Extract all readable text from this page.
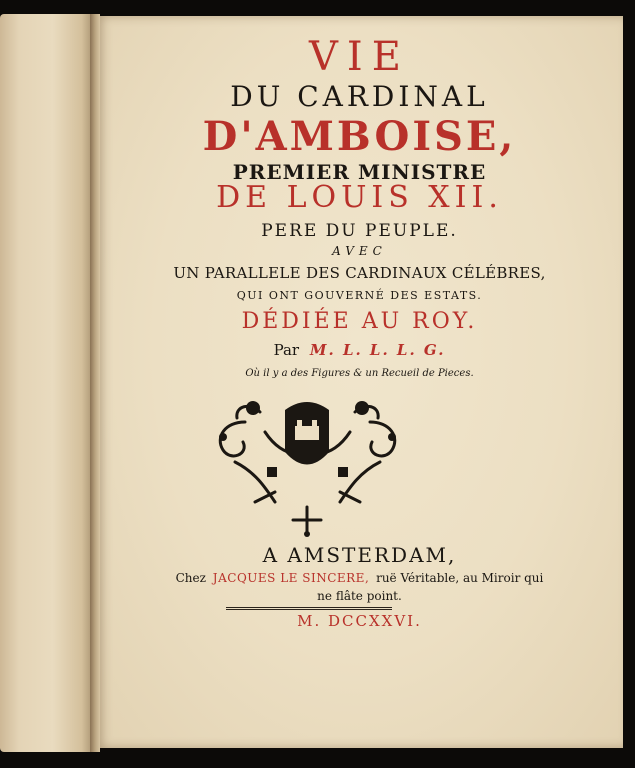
VIE
DU CARDINAL
D'AMBOISE,
PREMIER MINISTRE
DE LOUIS XII.
PERE DU PEUPLE.
AVEC
UN PARALLELE DES CARDINAUX CÉLÉBRES,
QUI ONT GOUVERNÉ DES ESTATS.
DÉDIÉE AU ROY.
Par M. L. L. L. G.
Où il y a des Figures & un Recueil de Pieces.
A AMSTERDAM,
Chez JACQUES LE SINCERE, ruë Véritable, au Miroir qui
ne flâte point.
M. DCCXXVI.
